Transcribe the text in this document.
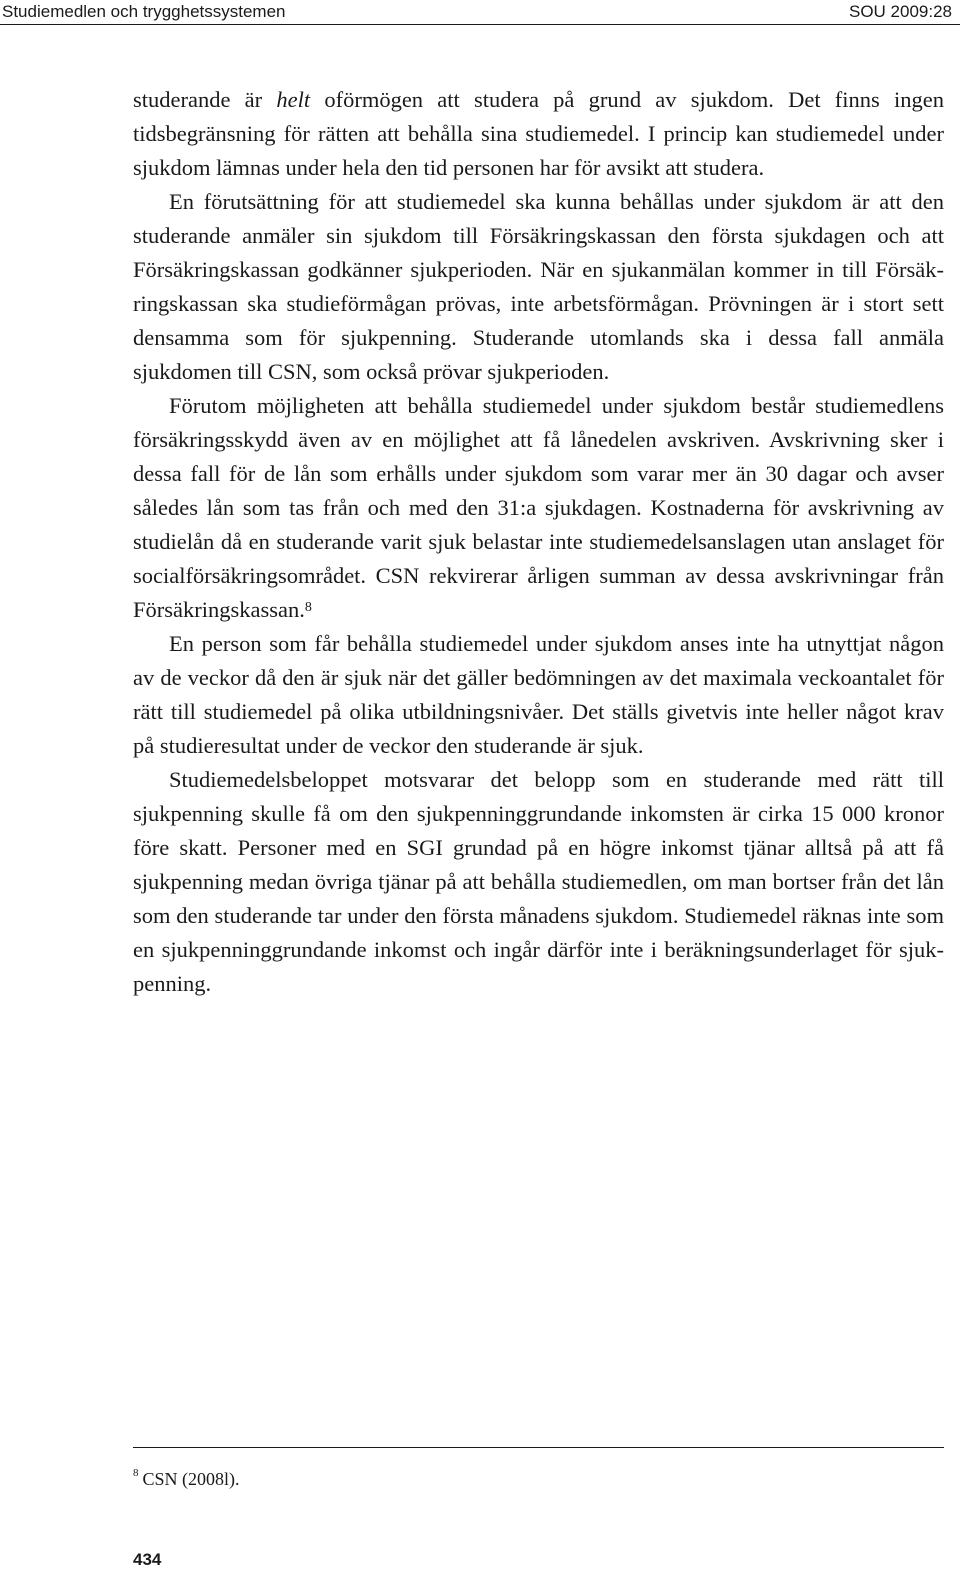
Studiemedlen och trygghetssystemen	SOU 2009:28

studerande är helt oförmögen att studera på grund av sjukdom. Det finns ingen tidsbegränsning för rätten att behålla sina studiemedel. I princip kan studiemedel under sjukdom lämnas under hela den tid personen har för avsikt att studera.

En förutsättning för att studiemedel ska kunna behållas under sjukdom är att den studerande anmäler sin sjukdom till Försäkringskassan den första sjukdagen och att Försäkringskassan godkänner sjukperioden. När en sjukanmälan kommer in till Försäkringskassan ska studieförmågan prövas, inte arbetsförmågan. Prövningen är i stort sett densamma som för sjukpenning. Studerande utomlands ska i dessa fall anmäla sjukdomen till CSN, som också prövar sjukperioden.

Förutom möjligheten att behålla studiemedel under sjukdom består studiemedlens försäkringsskydd även av en möjlighet att få lånedelen avskriven. Avskrivning sker i dessa fall för de lån som erhålls under sjukdom som varar mer än 30 dagar och avser således lån som tas från och med den 31:a sjukdagen. Kostnaderna för avskrivning av studielån då en studerande varit sjuk belastar inte studiemedelsanslagen utan anslaget för socialförsäkringsområdet. CSN rekvirerar årligen summan av dessa avskrivningar från Försäkringskassan.$^8$

En person som får behålla studiemedel under sjukdom anses inte ha utnyttjat någon av de veckor då den är sjuk när det gäller bedömningen av det maximala veckoantalet för rätt till studiemedel på olika utbildningsnivåer. Det ställs givetvis inte heller något krav på studieresultat under de veckor den studerande är sjuk.

Studiemedelsbeloppet motsvarar det belopp som en studerande med rätt till sjukpenning skulle få om den sjukpenninggrundande inkomsten är cirka 15 000 kronor före skatt. Personer med en SGI grundad på en högre inkomst tjänar alltså på att få sjukpenning medan övriga tjänar på att behålla studiemedlen, om man bortser från det lån som den studerande tar under den första månadens sjukdom. Studiemedel räknas inte som en sjukpenninggrundande inkomst och ingår därför inte i beräkningsunderlaget för sjukpenning.

$^8$ CSN (2008l).
434
